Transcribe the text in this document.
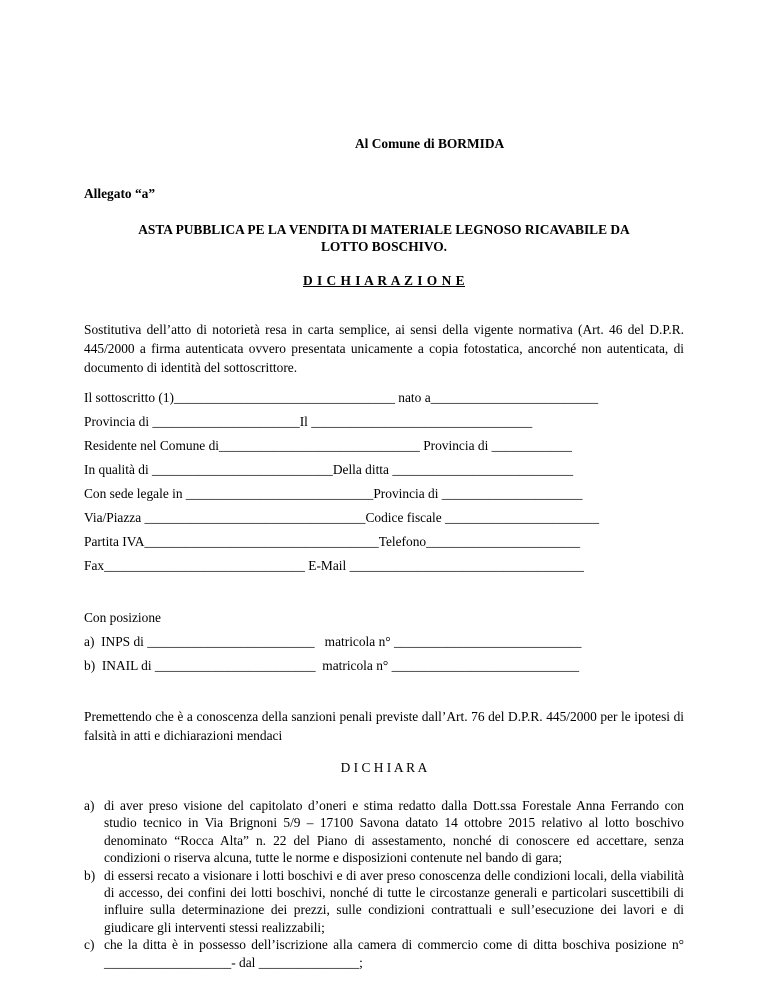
Al Comune di BORMIDA
Allegato “a”
ASTA PUBBLICA PE LA VENDITA DI MATERIALE LEGNOSO RICAVABILE DA
LOTTO BOSCHIVO.
D I C H I A R A Z I O N E
Sostitutiva dell’atto di notorietà resa in carta semplice, ai sensi della vigente normativa (Art. 46 del D.P.R. 445/2000 a firma autenticata ovvero presentata unicamente a copia fotostatica, ancorché non autenticata, di documento di identità del sottoscrittore.
Il sottoscritto (1)_________________________________ nato a_________________________
Provincia di ______________________Il _________________________________
Residente nel Comune di______________________________ Provincia di ____________
In qualità di ___________________________Della ditta ___________________________
Con sede legale in ____________________________Provincia di _____________________
Via/Piazza _________________________________Codice fiscale _______________________
Partita IVA___________________________________Telefono_______________________
Fax______________________________ E-Mail ___________________________________
Con posizione
a)  INPS di _________________________   matricola n° ____________________________
b)  INAIL di ________________________  matricola n° ____________________________
Premettendo che è a conoscenza della sanzioni penali previste dall’Art. 76 del D.P.R. 445/2000 per le ipotesi di falsità in atti e dichiarazioni mendaci
D I C H I A R A
a) di aver preso visione del capitolato d’oneri e stima redatto dalla Dott.ssa Forestale Anna Ferrando con studio tecnico in Via Brignoni 5/9 – 17100 Savona datato 14 ottobre 2015 relativo al lotto boschivo denominato “Rocca Alta” n. 22 del Piano di assestamento, nonché di conoscere ed accettare, senza condizioni o riserva alcuna, tutte le norme e disposizioni contenute nel bando di gara;
b) di essersi recato a visionare i lotti boschivi e di aver preso conoscenza delle condizioni locali, della viabilità di accesso, dei confini dei lotti boschivi, nonché di tutte le circostanze generali e particolari suscettibili di influire sulla determinazione dei prezzi, sulle condizioni contrattuali e sull’esecuzione dei lavori e di giudicare gli interventi stessi realizzabili;
c) che la ditta è in possesso dell’iscrizione alla camera di commercio come di ditta boschiva posizione n° ___________________- dal _______________;
